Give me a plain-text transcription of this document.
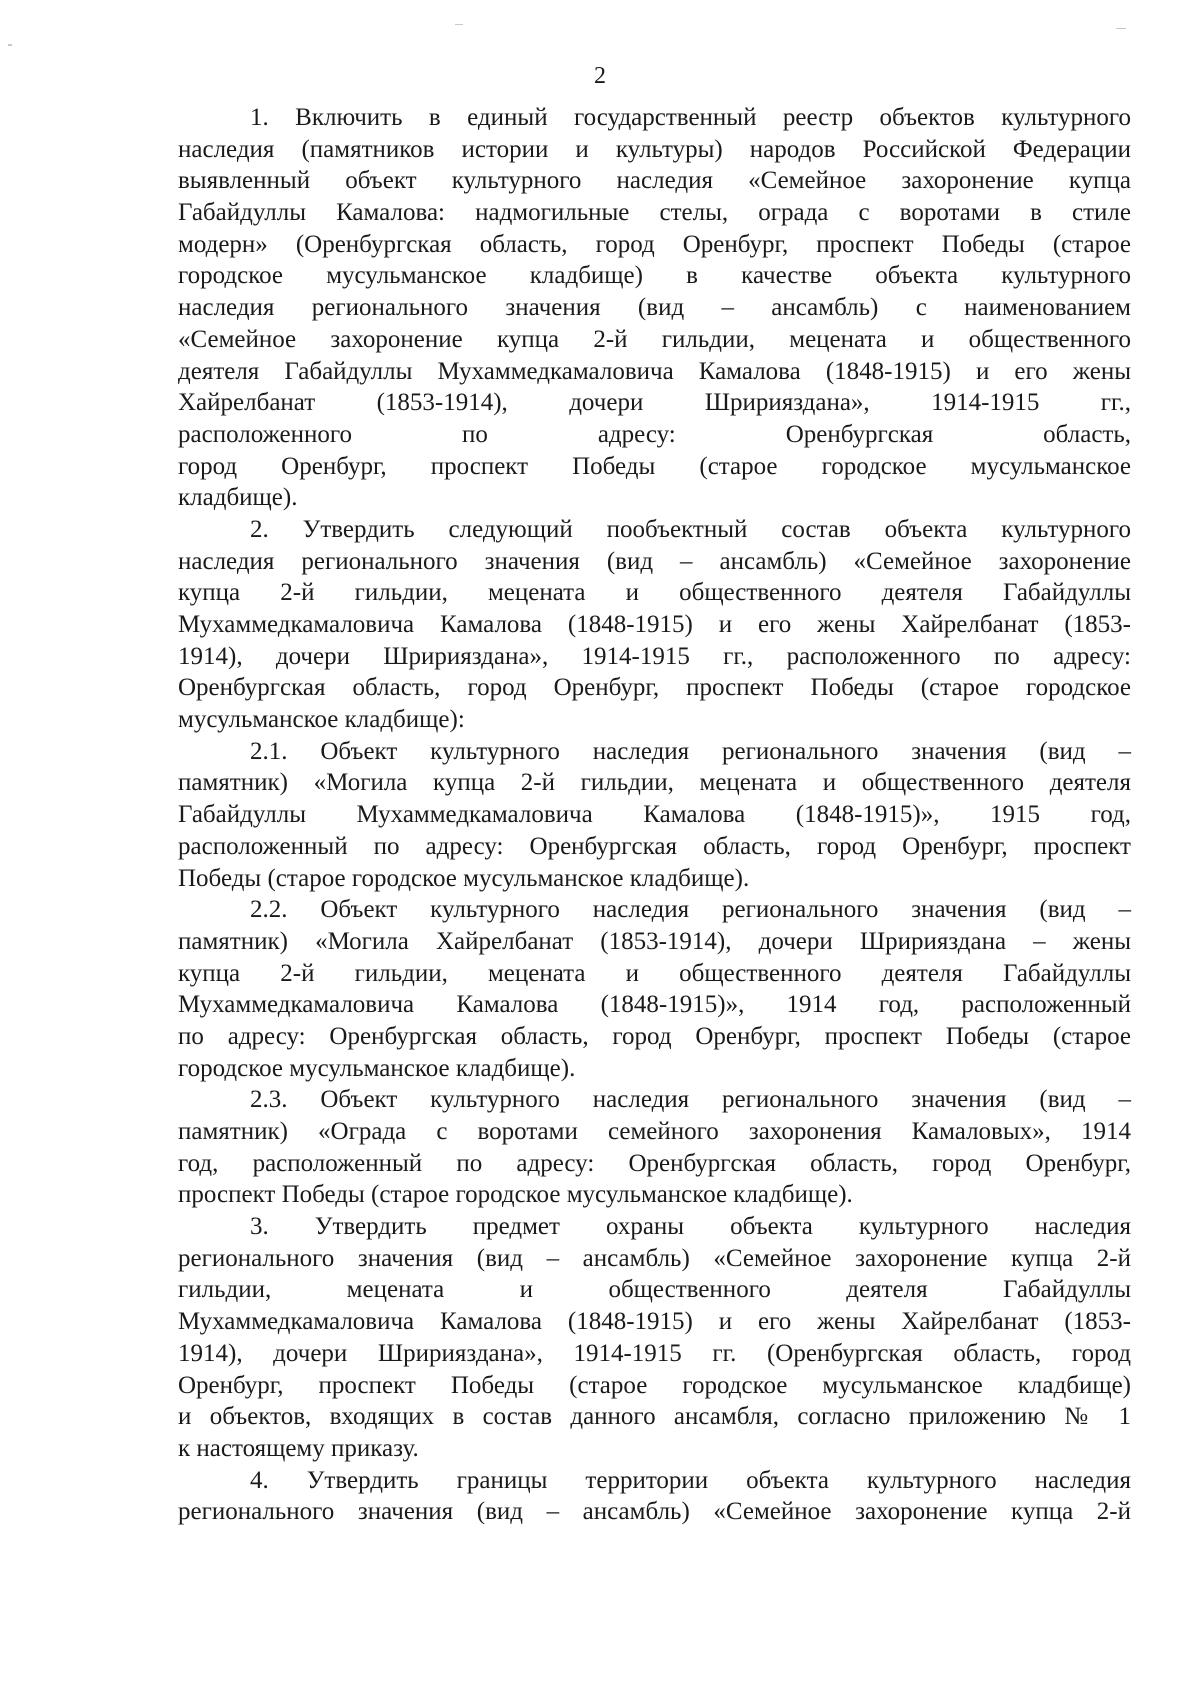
2
1. Включить в единый государственный реестр объектов культурного
наследия (памятников истории и культуры) народов Российской Федерации
выявленный объект культурного наследия «Семейное захоронение купца
Габайдуллы Камалова: надмогильные стелы, ограда с воротами в стиле
модерн» (Оренбургская область, город Оренбург, проспект Победы (старое
городское мусульманское кладбище) в качестве объекта культурного
наследия регионального значения (вид – ансамбль) с наименованием
«Семейное захоронение купца 2-й гильдии, мецената и общественного
деятеля Габайдуллы Мухаммедкамаловича Камалова (1848-1915) и его жены
Хайрелбанат (1853-1914), дочери Шририяздана», 1914-1915 гг.,
расположенного по адресу: Оренбургская область,
город Оренбург, проспект Победы (старое городское мусульманское
кладбище).
2. Утвердить следующий пообъектный состав объекта культурного
наследия регионального значения (вид – ансамбль) «Семейное захоронение
купца 2-й гильдии, мецената и общественного деятеля Габайдуллы
Мухаммедкамаловича Камалова (1848-1915) и его жены Хайрелбанат (1853-
1914), дочери Шририяздана», 1914-1915 гг., расположенного по адресу:
Оренбургская область, город Оренбург, проспект Победы (старое городское
мусульманское кладбище):
2.1. Объект культурного наследия регионального значения (вид –
памятник) «Могила купца 2-й гильдии, мецената и общественного деятеля
Габайдуллы Мухаммедкамаловича Камалова (1848-1915)», 1915 год,
расположенный по адресу: Оренбургская область, город Оренбург, проспект
Победы (старое городское мусульманское кладбище).
2.2. Объект культурного наследия регионального значения (вид –
памятник) «Могила Хайрелбанат (1853-1914), дочери Шририяздана – жены
купца 2-й гильдии, мецената и общественного деятеля Габайдуллы
Мухаммедкамаловича Камалова (1848-1915)», 1914 год, расположенный
по адресу: Оренбургская область, город Оренбург, проспект Победы (старое
городское мусульманское кладбище).
2.3. Объект культурного наследия регионального значения (вид –
памятник) «Ограда с воротами семейного захоронения Камаловых», 1914
год, расположенный по адресу: Оренбургская область, город Оренбург,
проспект Победы (старое городское мусульманское кладбище).
3. Утвердить предмет охраны объекта культурного наследия
регионального значения (вид – ансамбль) «Семейное захоронение купца 2-й
гильдии, мецената и общественного деятеля Габайдуллы
Мухаммедкамаловича Камалова (1848-1915) и его жены Хайрелбанат (1853-
1914), дочери Шририяздана», 1914-1915 гг. (Оренбургская область, город
Оренбург, проспект Победы (старое городское мусульманское кладбище)
и объектов, входящих в состав данного ансамбля, согласно приложению № 1
к настоящему приказу.
4. Утвердить границы территории объекта культурного наследия
регионального значения (вид – ансамбль) «Семейное захоронение купца 2-й
